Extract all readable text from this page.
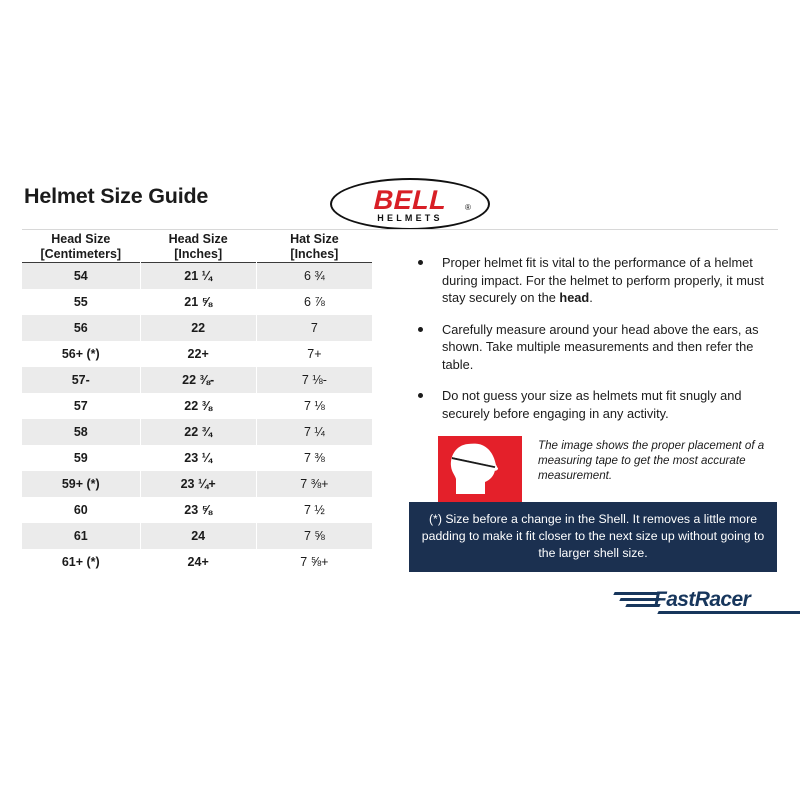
Helmet Size Guide	BELL	®
HELMETS
Head Size
[Centimeters]

Head Size
[Inches]

Hat Size
[Inches]

54	21 ¼	6 ¾
55	21 ⅝	6 ⅞
56	22	7
56+ (*)	22+	7+
57-	22 ⅜-	7 ⅛-
57	22 ⅜	7 ⅛
58	22 ¾	7 ¼
59	23 ¼	7 ⅜
59+ (*)	23 ¼+	7 ⅜+
60	23 ⅝	7 ½
61	24	7 ⅝
61+ (*)	24+	7 ⅝+
Proper helmet fit is vital to the performance of a helmet during impact. For the helmet to perform properly, it must stay securely on the head.
Carefully measure around your head above the ears, as shown. Take multiple measurements and then refer the table.
Do not guess your size as helmets mut fit snugly and securely before engaging in any activity.
The image shows the proper placement of a measuring tape to get the most accurate measurement.
(*) Size before a change in the Shell. It removes a little more padding to make it fit closer to the next size up without going to the larger shell size.
FastRacer
